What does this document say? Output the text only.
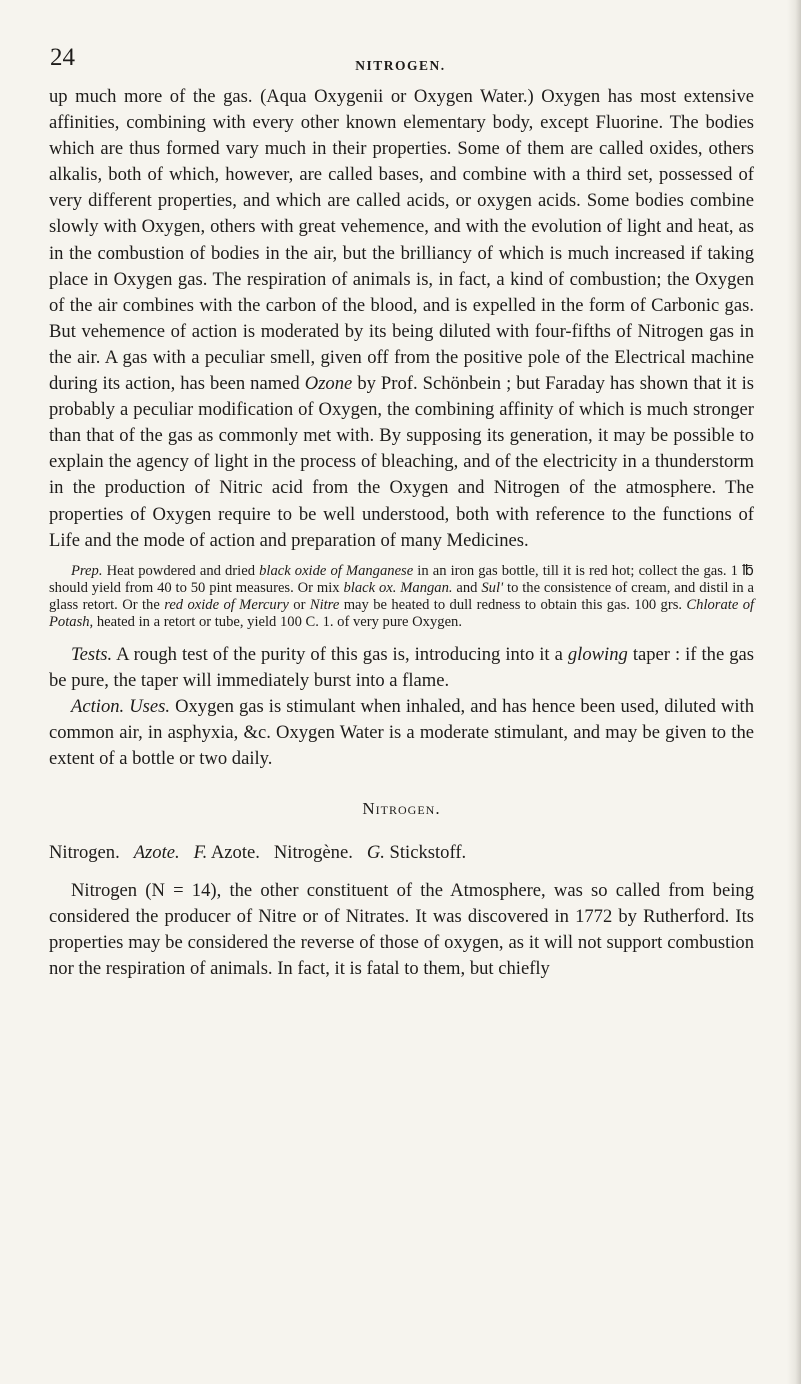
24	NITROGEN.

up much more of the gas. (Aqua Oxygenii or Oxygen Water.) Oxygen has most extensive affinities, combining with every other known elementary body, except Fluorine. The bodies which are thus formed vary much in their properties. Some of them are called oxides, others alkalis, both of which, however, are called bases, and combine with a third set, possessed of very different properties, and which are called acids, or oxygen acids. Some bodies combine slowly with Oxygen, others with great vehemence, and with the evolution of light and heat, as in the combustion of bodies in the air, but the brilliancy of which is much increased if taking place in Oxygen gas. The respiration of animals is, in fact, a kind of combustion; the Oxygen of the air combines with the carbon of the blood, and is expelled in the form of Carbonic gas. But vehemence of action is moderated by its being diluted with four-fifths of Nitrogen gas in the air. A gas with a peculiar smell, given off from the positive pole of the Electrical machine during its action, has been named Ozone by Prof. Schönbein ; but Faraday has shown that it is probably a peculiar modification of Oxygen, the combining affinity of which is much stronger than that of the gas as commonly met with. By supposing its generation, it may be possible to explain the agency of light in the process of bleaching, and of the electricity in a thunderstorm in the production of Nitric acid from the Oxygen and Nitrogen of the atmosphere. The properties of Oxygen require to be well understood, both with reference to the functions of Life and the mode of action and preparation of many Medicines.

Prep. Heat powdered and dried black oxide of Manganese in an iron gas bottle, till it is red hot; collect the gas. 1 ℔ should yield from 40 to 50 pint measures. Or mix black ox. Mangan. and Sul' to the consistence of cream, and distil in a glass retort. Or the red oxide of Mercury or Nitre may be heated to dull redness to obtain this gas. 100 grs. Chlorate of Potash, heated in a retort or tube, yield 100 C. 1. of very pure Oxygen.

Tests. A rough test of the purity of this gas is, introducing into it a glowing taper : if the gas be pure, the taper will immediately burst into a flame.

Action. Uses. Oxygen gas is stimulant when inhaled, and has hence been used, diluted with common air, in asphyxia, &c. Oxygen Water is a moderate stimulant, and may be given to the extent of a bottle or two daily.

Nitrogen.

Nitrogen. Azote. F. Azote. Nitrogène. G. Stickstoff.

Nitrogen (N = 14), the other constituent of the Atmosphere, was so called from being considered the producer of Nitre or of Nitrates. It was discovered in 1772 by Rutherford. Its properties may be considered the reverse of those of oxygen, as it will not support combustion nor the respiration of animals. In fact, it is fatal to them, but chiefly
